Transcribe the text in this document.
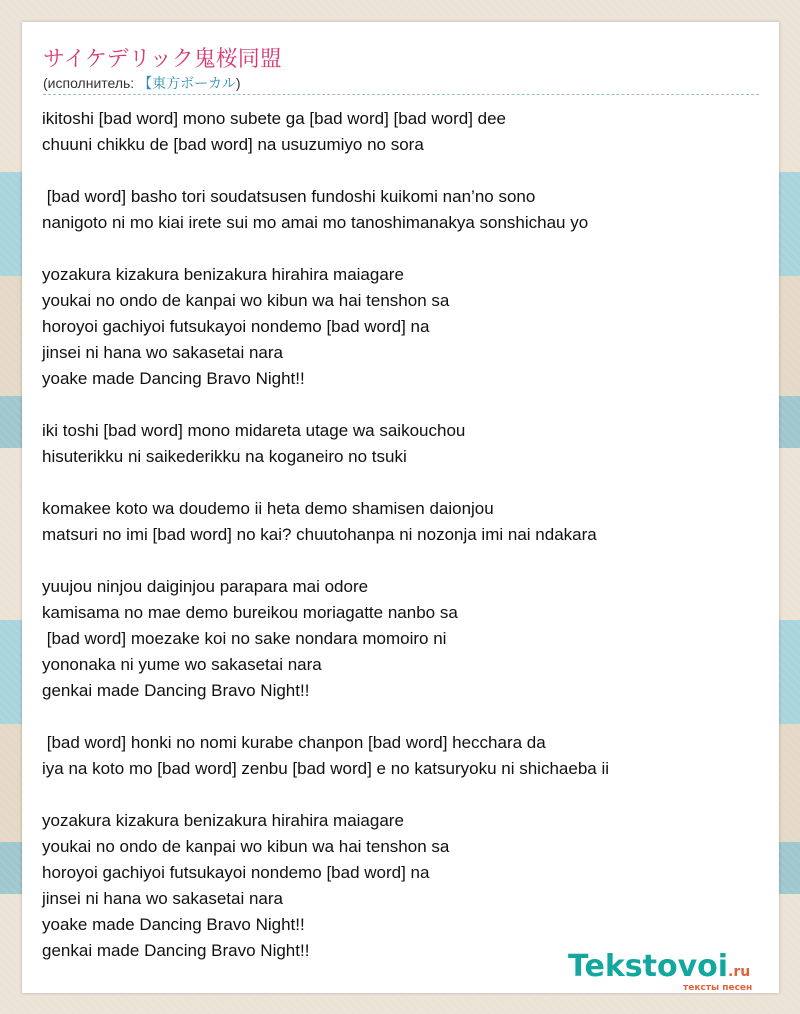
サイケデリック鬼桜同盟
(исполнитель: 【東方ボーカル)
ikitoshi [bad word] mono subete ga [bad word] [bad word] dee
chuuni chikku de [bad word] na usuzumiyo no sora

[bad word] basho tori soudatsusen fundoshi kuikomi nan’no sono
nanigoto ni mo kiai irete sui mo amai mo tanoshimanakya sonshichau yo

yozakura kizakura benizakura hirahira maiagare
youkai no ondo de kanpai wo kibun wa hai tenshon sa
horoyoi gachiyoi futsukayoi nondemo [bad word] na
jinsei ni hana wo sakasetai nara
yoake made Dancing Bravo Night!!

iki toshi [bad word] mono midareta utage wa saikouchou
hisuterikku ni saikederikku na koganeiro no tsuki

komakee koto wa doudemo ii heta demo shamisen daionjou
matsuri no imi [bad word] no kai? chuutohanpa ni nozonja imi nai ndakara

yuujou ninjou daiginjou parapara mai odore
kamisama no mae demo bureikou moriagatte nanbo sa
[bad word] moezake koi no sake nondara momoiro ni
yononaka ni yume wo sakasetai nara
genkai made Dancing Bravo Night!!

[bad word] honki no nomi kurabe chanpon [bad word] hecchara da
iya na koto mo [bad word] zenbu [bad word] e no katsuryoku ni shichaeba ii

yozakura kizakura benizakura hirahira maiagare
youkai no ondo de kanpai wo kibun wa hai tenshon sa
horoyoi gachiyoi futsukayoi nondemo [bad word] na
jinsei ni hana wo sakasetai nara
yoake made Dancing Bravo Night!!
genkai made Dancing Bravo Night!!	Tekstovoi.ru
тексты песен
